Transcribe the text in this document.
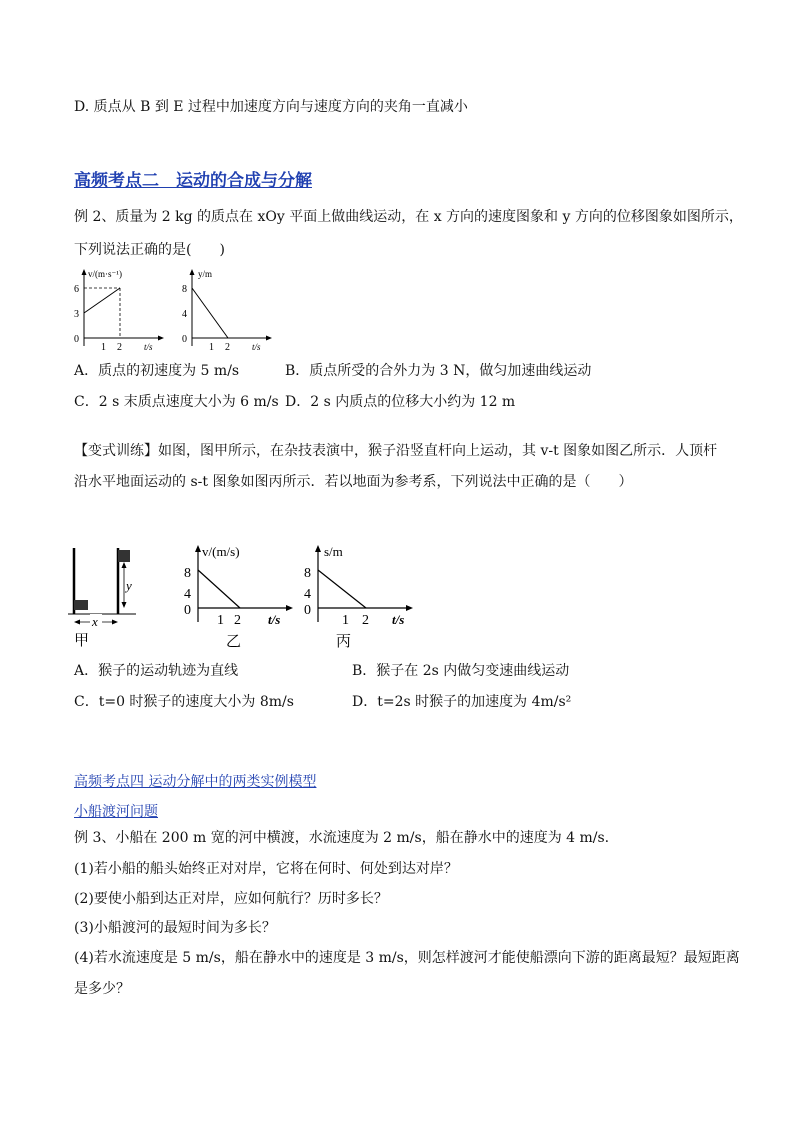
D. 质点从 B 到 E 过程中加速度方向与速度方向的夹角一直减小
高频考点二　运动的合成与分解
例 2、质量为 2 kg 的质点在 xOy 平面上做曲线运动，在 x 方向的速度图象和 y 方向的位移图象如图所示，
下列说法正确的是(　　)
v/(m·s⁻¹)
t/s
6
3
0
1 2
y/m
t/s
8
4
0
1 2
A．质点的初速度为 5 m/s	B．质点所受的合外力为 3 N，做匀加速曲线运动
C．2 s 末质点速度大小为 6 m/s D．2 s 内质点的位移大小约为 12 m
【变式训练】如图，图甲所示，在杂技表演中，猴子沿竖直杆向上运动，其 v-t 图象如图乙所示．人顶杆
沿水平地面运动的 s-t 图象如图丙所示．若以地面为参考系，下列说法中正确的是（　　）
y
x
甲
v/(m/s)
t/s
8
4
0
1 2
乙
s/m
t/s
8
4
0
1 2
丙
A．猴子的运动轨迹为直线	B．猴子在 2s 内做匀变速曲线运动
C．t=0 时猴子的速度大小为 8m/s	D．t=2s 时猴子的加速度为 4m/s²
高频考点四 运动分解中的两类实例模型
小船渡河问题
例 3、小船在 200 m 宽的河中横渡，水流速度为 2 m/s，船在静水中的速度为 4 m/s.
(1)若小船的船头始终正对对岸，它将在何时、何处到达对岸？
(2)要使小船到达正对岸，应如何航行？历时多长？
(3)小船渡河的最短时间为多长？
(4)若水流速度是 5 m/s，船在静水中的速度是 3 m/s，则怎样渡河才能使船漂向下游的距离最短？最短距离
是多少？
